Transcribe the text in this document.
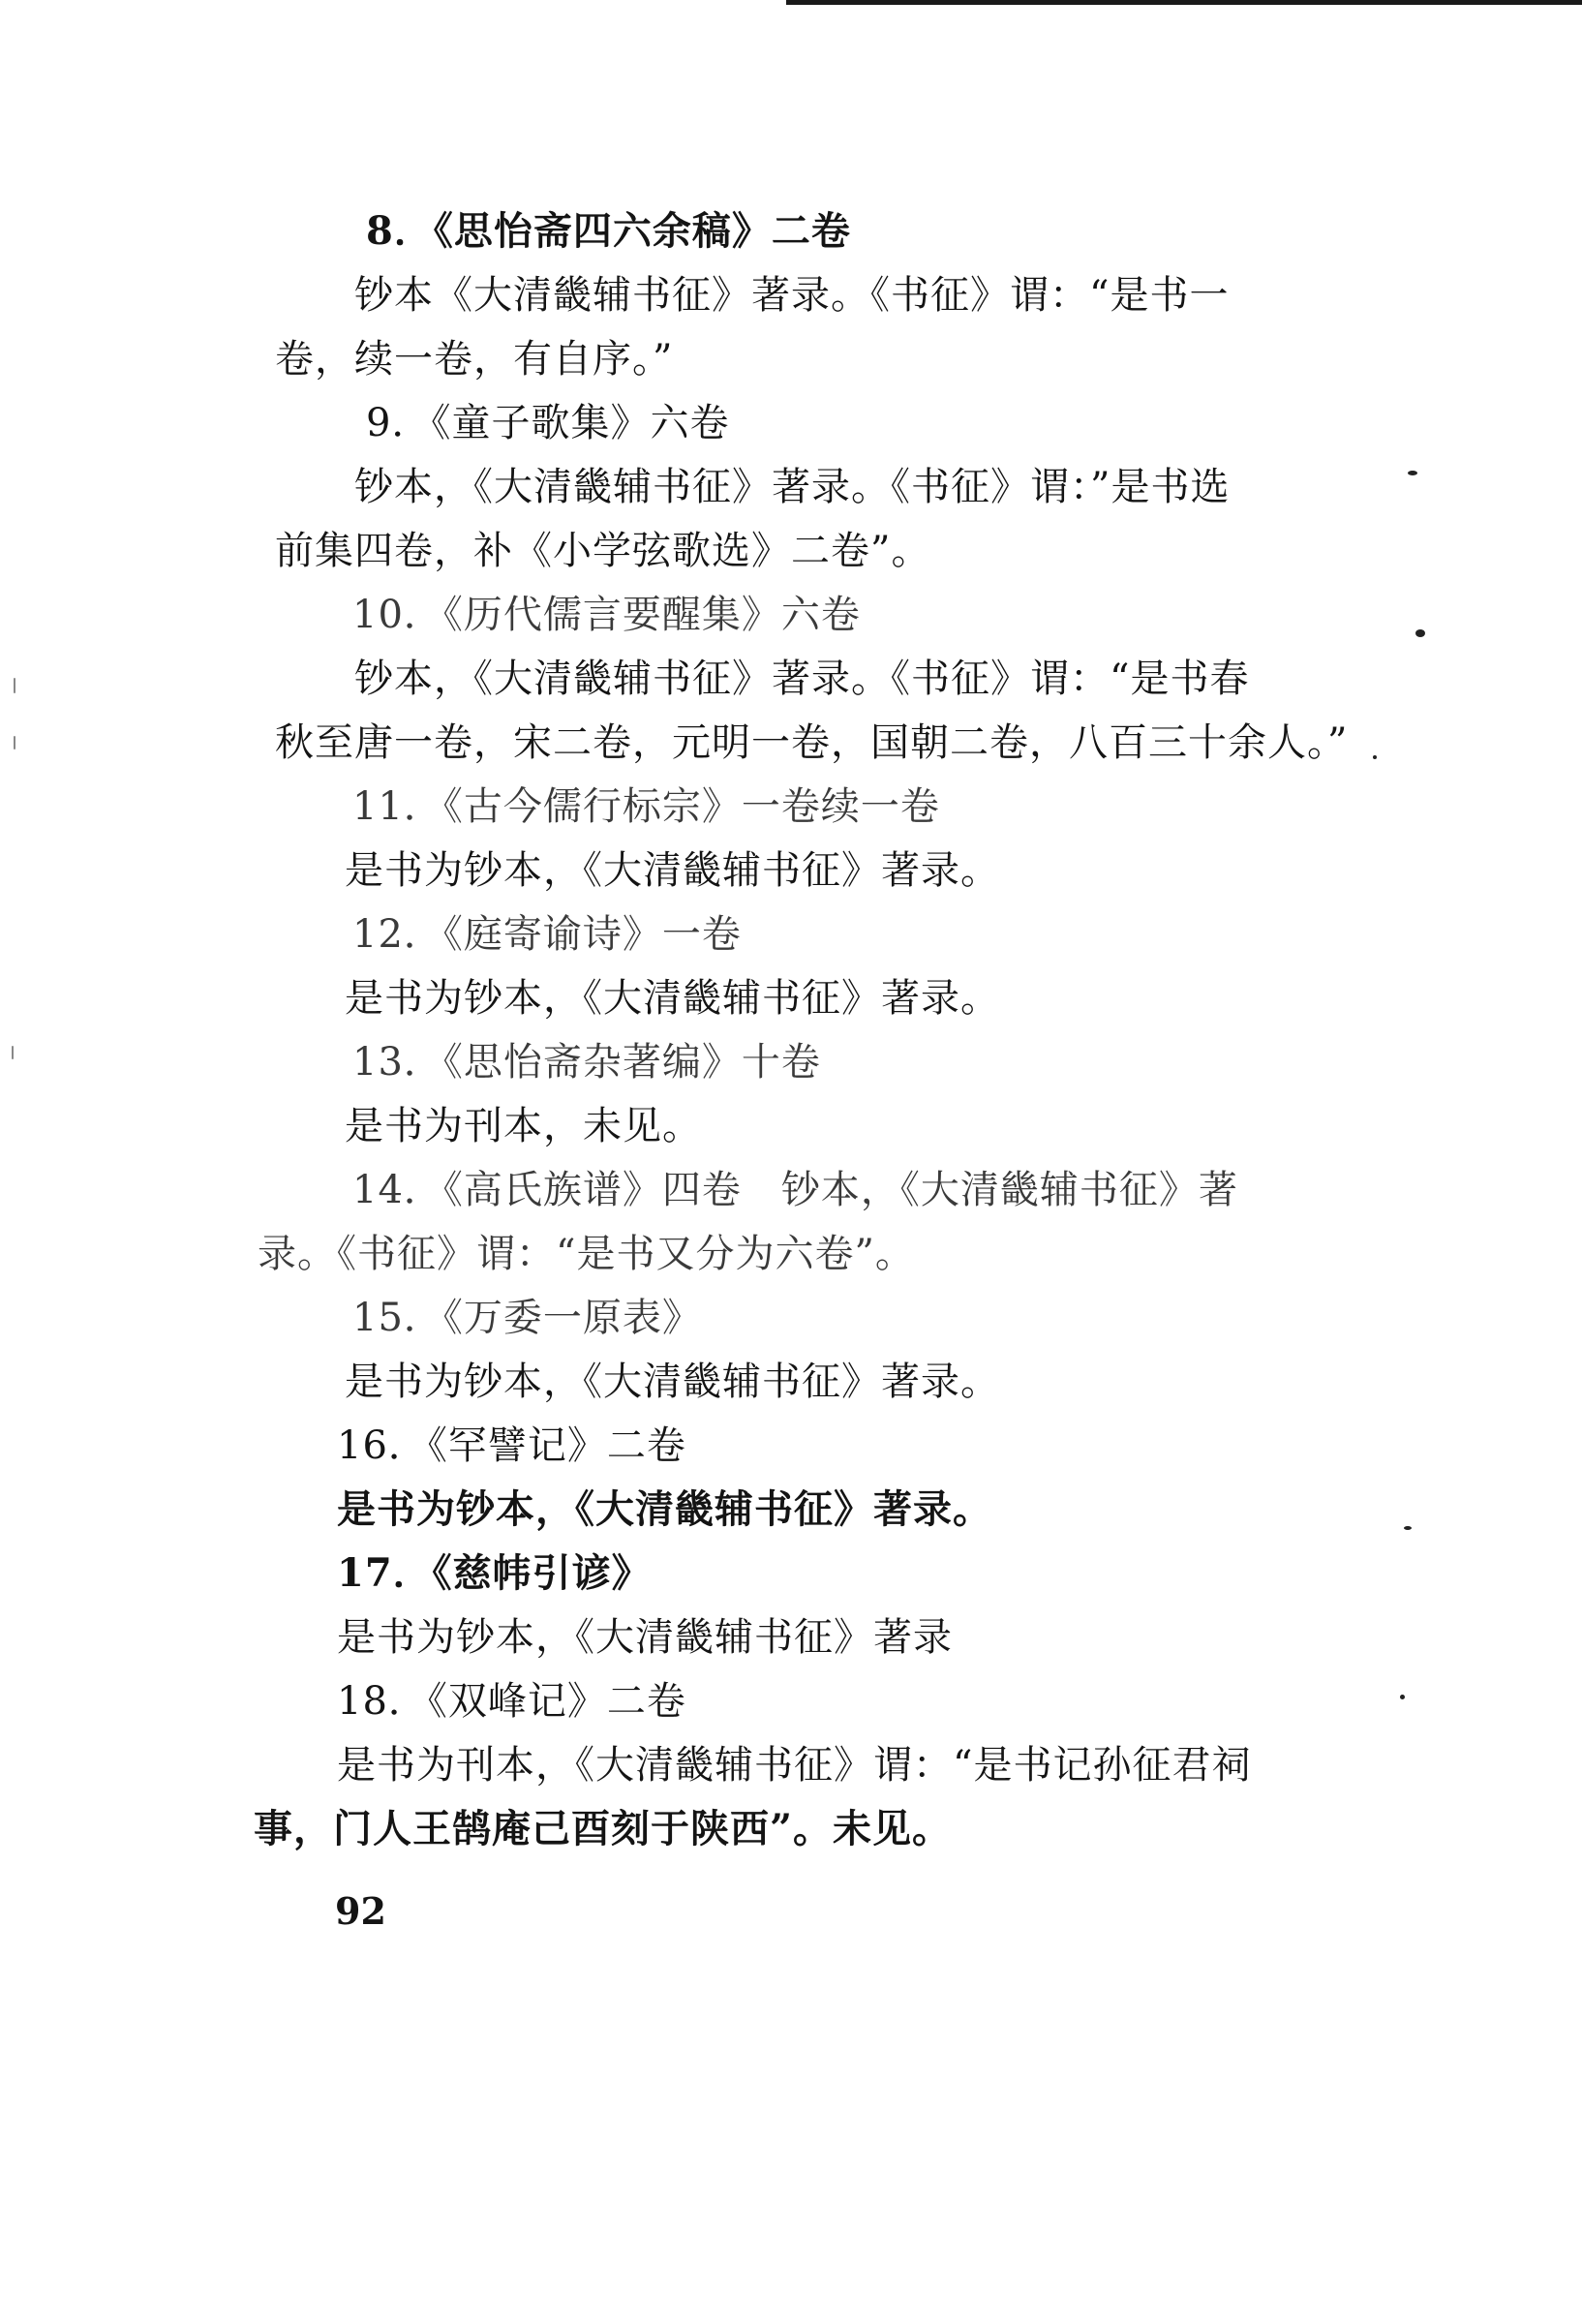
8．《思怡斋四六余稿》二卷
钞本《大清畿辅书征》著录。《书征》谓：“是书一
卷，续一卷，有自序。”
9．《童子歌集》六卷
钞本，《大清畿辅书征》著录。《书征》谓：”是书选
前集四卷，补《小学弦歌选》二卷”。
10．《历代儒言要醒集》六卷
钞本，《大清畿辅书征》著录。《书征》谓：“是书春
秋至唐一卷，宋二卷，元明一卷，国朝二卷，八百三十余人。”
11．《古今儒行标宗》一卷续一卷
是书为钞本，《大清畿辅书征》著录。
12．《庭寄谕诗》一卷
是书为钞本，《大清畿辅书征》著录。
13．《思怡斋杂著编》十卷
是书为刊本，未见。
14．《高氏族谱》四卷　钞本，《大清畿辅书征》著
录。《书征》谓：“是书又分为六卷”。
15．《万委一原表》
是书为钞本，《大清畿辅书征》著录。
16．《罕譬记》二卷
是书为钞本，《大清畿辅书征》著录。
17．《慈帏引谚》
是书为钞本，《大清畿辅书征》著录
18．《双峰记》二卷
是书为刊本，《大清畿辅书征》谓：“是书记孙征君祠
事，门人王鹄庵己酉刻于陕西”。未见。
92
